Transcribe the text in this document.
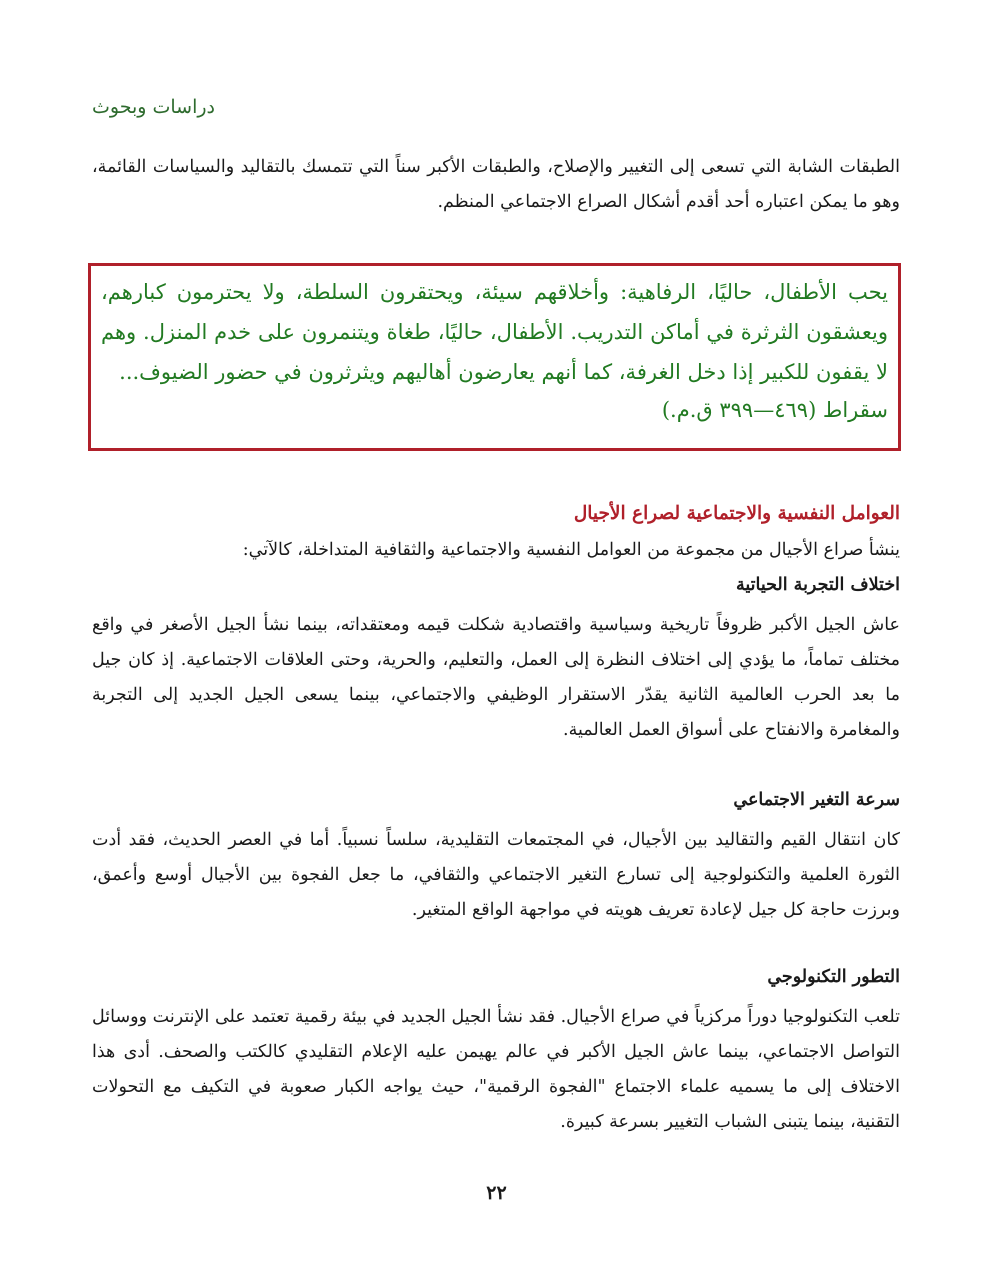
دراسات وبحوث

الطبقات الشابة التي تسعى إلى التغيير والإصلاح، والطبقات الأكبر سناً التي تتمسك بالتقاليد والسياسات القائمة، وهو ما يمكن اعتباره أحد أقدم أشكال الصراع الاجتماعي المنظم.

يحب الأطفال، حاليًا، الرفاهية: وأخلاقهم سيئة، ويحتقرون السلطة، ولا يحترمون كبارهم، ويعشقون الثرثرة في أماكن التدريب. الأطفال، حاليًا، طغاة ويتنمرون على خدم المنزل. وهم لا يقفون للكبير إذا دخل الغرفة، كما أنهم يعارضون أهاليهم ويثرثرون في حضور الضيوف...
سقراط (٤٦٩—٣٩٩ ق.م.)
العوامل النفسية والاجتماعية لصراع الأجيال
ينشأ صراع الأجيال من مجموعة من العوامل النفسية والاجتماعية والثقافية المتداخلة، كالآتي:
اختلاف التجربة الحياتية

عاش الجيل الأكبر ظروفاً تاريخية وسياسية واقتصادية شكلت قيمه ومعتقداته، بينما نشأ الجيل الأصغر في واقع مختلف تماماً، ما يؤدي إلى اختلاف النظرة إلى العمل، والتعليم، والحرية، وحتى العلاقات الاجتماعية. إذ كان جيل ما بعد الحرب العالمية الثانية يقدّر الاستقرار الوظيفي والاجتماعي، بينما يسعى الجيل الجديد إلى التجربة والمغامرة والانفتاح على أسواق العمل العالمية.

سرعة التغير الاجتماعي

كان انتقال القيم والتقاليد بين الأجيال، في المجتمعات التقليدية، سلساً نسبياً. أما في العصر الحديث، فقد أدت الثورة العلمية والتكنولوجية إلى تسارع التغير الاجتماعي والثقافي، ما جعل الفجوة بين الأجيال أوسع وأعمق، وبرزت حاجة كل جيل لإعادة تعريف هويته في مواجهة الواقع المتغير.

التطور التكنولوجي

تلعب التكنولوجيا دوراً مركزياً في صراع الأجيال. فقد نشأ الجيل الجديد في بيئة رقمية تعتمد على الإنترنت ووسائل التواصل الاجتماعي، بينما عاش الجيل الأكبر في عالم يهيمن عليه الإعلام التقليدي كالكتب والصحف. أدى هذا الاختلاف إلى ما يسميه علماء الاجتماع "الفجوة الرقمية"، حيث يواجه الكبار صعوبة في التكيف مع التحولات التقنية، بينما يتبنى الشباب التغيير بسرعة كبيرة.

٢٢
